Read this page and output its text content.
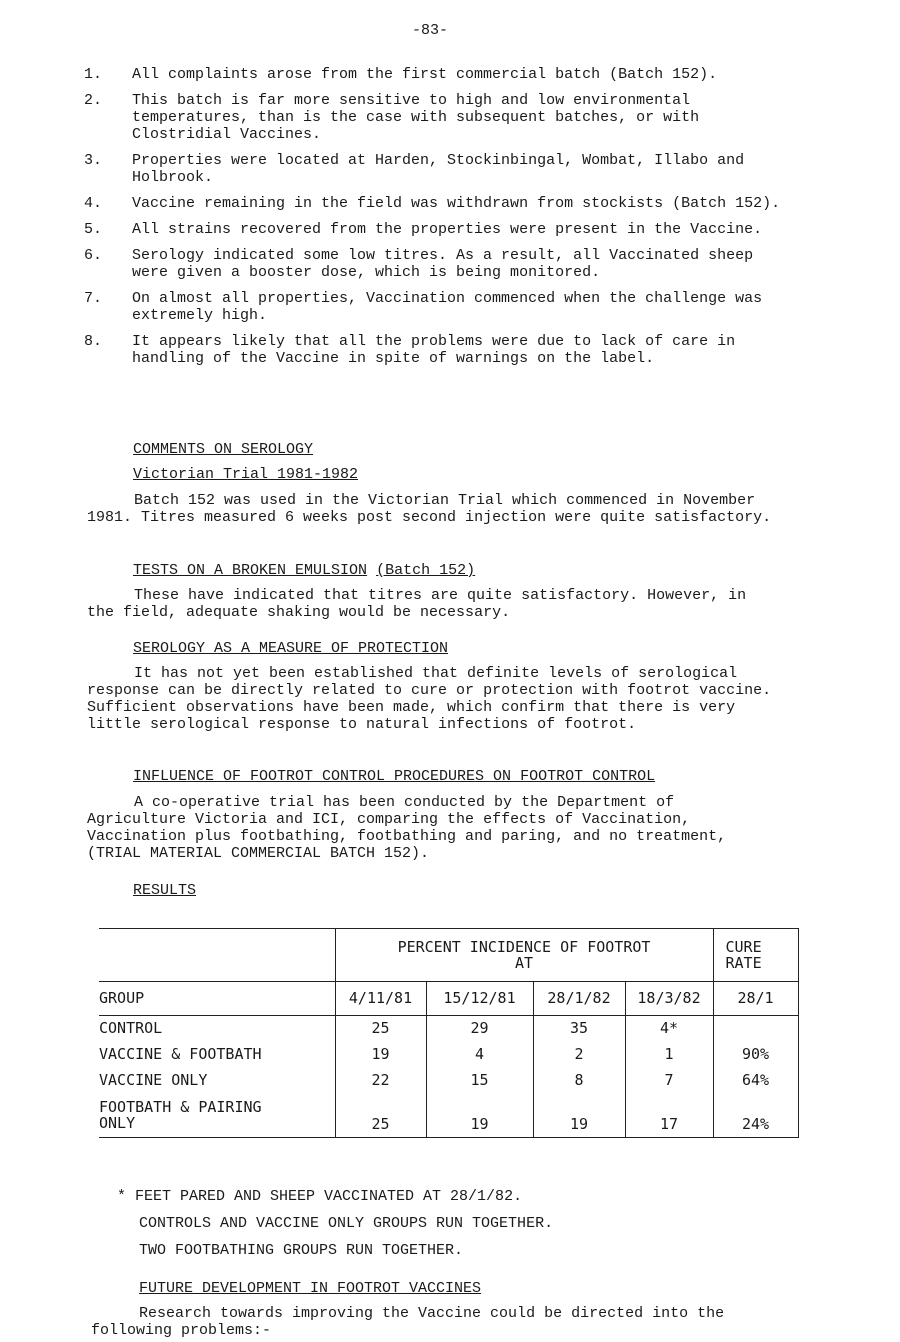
-83-
1.	All complaints arose from the first commercial batch (Batch 152).
2.	This batch is far more sensitive to high and low environmental temperatures, than is the case with subsequent batches, or with Clostridial Vaccines.
3.	Properties were located at Harden, Stockinbingal, Wombat, Illabo and Holbrook.
4.	Vaccine remaining in the field was withdrawn from stockists (Batch 152).
5.	All strains recovered from the properties were present in the Vaccine.
6.	Serology indicated some low titres. As a result, all Vaccinated sheep were given a booster dose, which is being monitored.
7.	On almost all properties, Vaccination commenced when the challenge was extremely high.
8.	It appears likely that all the problems were due to lack of care in handling of the Vaccine in spite of warnings on the label.
COMMENTS ON SEROLOGY
Victorian Trial 1981-1982
Batch 152 was used in the Victorian Trial which commenced in November 1981. Titres measured 6 weeks post second injection were quite satisfactory.
TESTS ON A BROKEN EMULSION (Batch 152)
These have indicated that titres are quite satisfactory. However, in the field, adequate shaking would be necessary.
SEROLOGY AS A MEASURE OF PROTECTION
It has not yet been established that definite levels of serological response can be directly related to cure or protection with footrot vaccine. Sufficient observations have been made, which confirm that there is very little serological response to natural infections of footrot.
INFLUENCE OF FOOTROT CONTROL PROCEDURES ON FOOTROT CONTROL
A co-operative trial has been conducted by the Department of Agriculture Victoria and ICI, comparing the effects of Vaccination, Vaccination plus footbathing, footbathing and paring, and no treatment, (TRIAL MATERIAL COMMERCIAL BATCH 152).
RESULTS

	PERCENT INCIDENCE OF FOOTROT AT				CURE RATE

GROUP	4/11/81	15/12/81	28/1/82	18/3/82	28/1
CONTROL	25	29	35	4*	
VACCINE & FOOTBATH	19	4	2	1	90%
VACCINE ONLY	22	15	8	7	64%

FOOTBATH & PAIRING ONLY	25	19	19	17	24%
* FEET PARED AND SHEEP VACCINATED AT 28/1/82.
CONTROLS AND VACCINE ONLY GROUPS RUN TOGETHER.
TWO FOOTBATHING GROUPS RUN TOGETHER.
FUTURE DEVELOPMENT IN FOOTROT VACCINES
Research towards improving the Vaccine could be directed into the following problems:-
